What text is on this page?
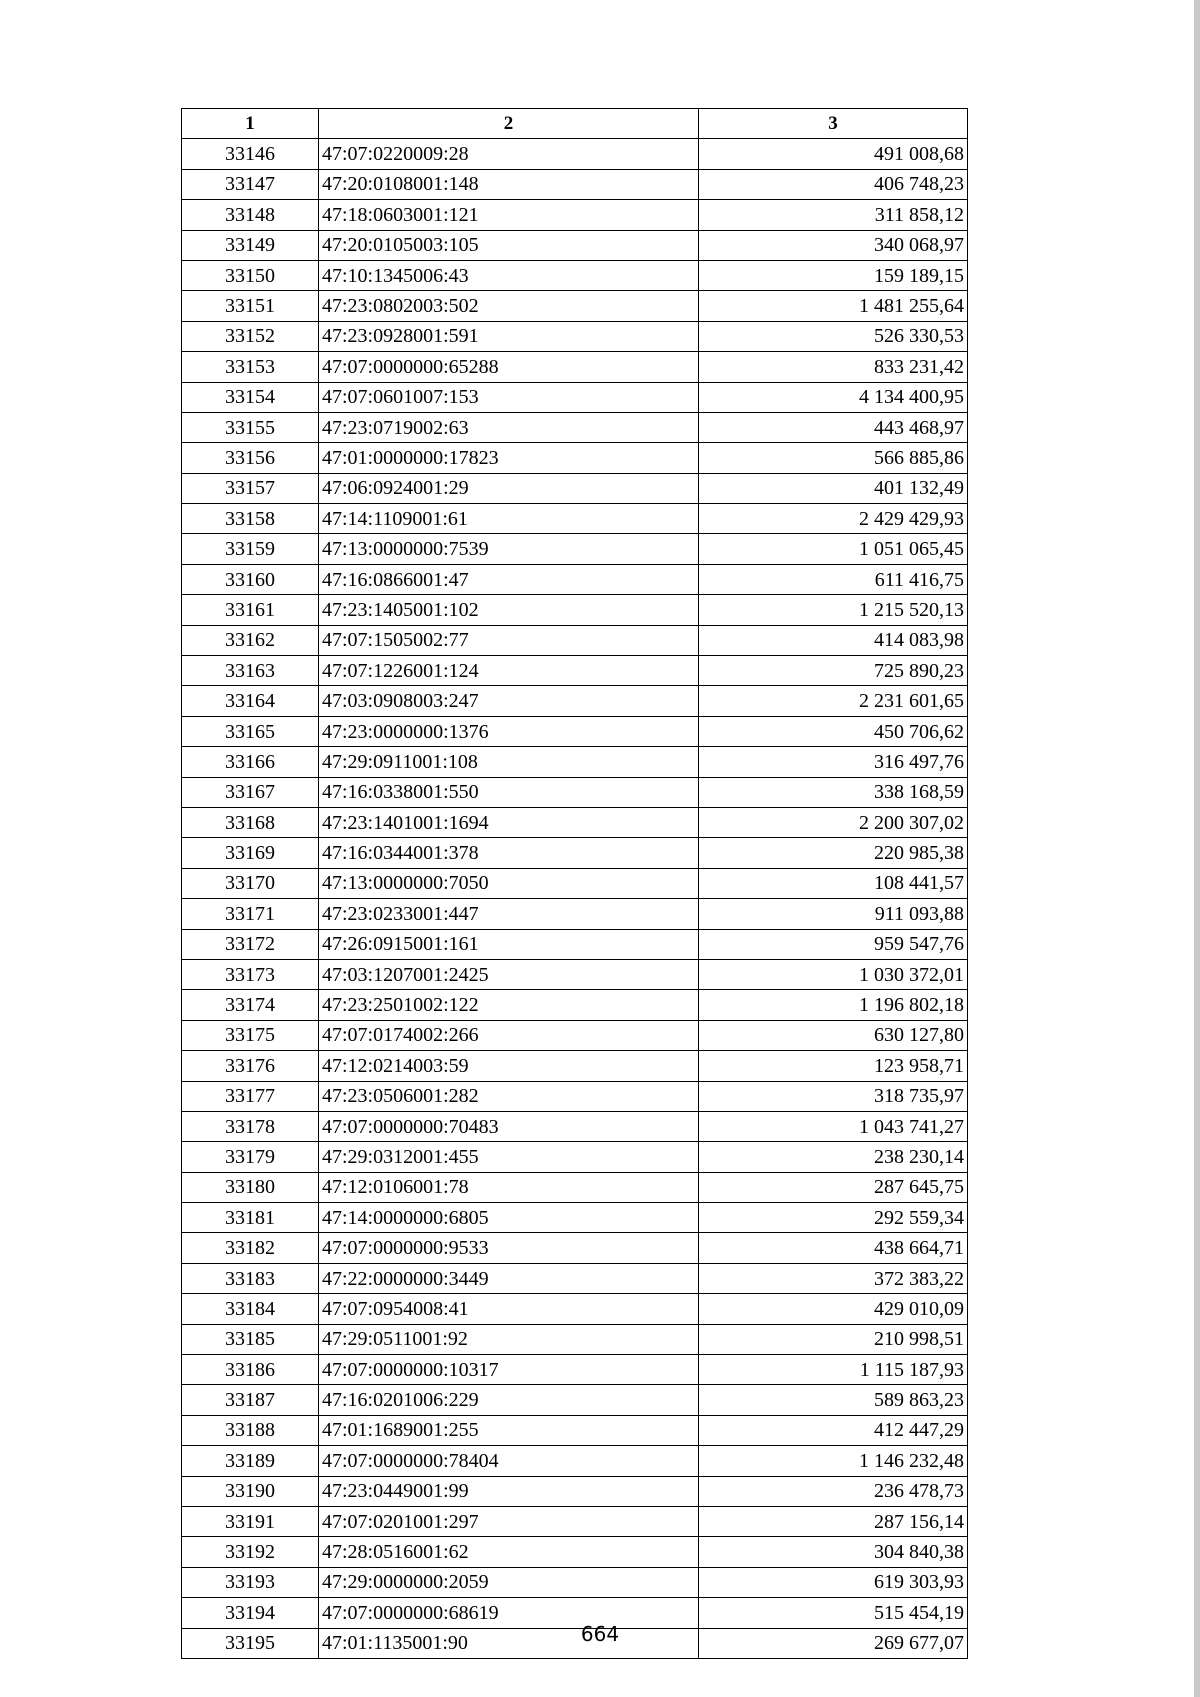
1	2	3
33146	47:07:0220009:28	491 008,68
33147	47:20:0108001:148	406 748,23
33148	47:18:0603001:121	311 858,12
33149	47:20:0105003:105	340 068,97
33150	47:10:1345006:43	159 189,15
33151	47:23:0802003:502	1 481 255,64
33152	47:23:0928001:591	526 330,53
33153	47:07:0000000:65288	833 231,42
33154	47:07:0601007:153	4 134 400,95
33155	47:23:0719002:63	443 468,97
33156	47:01:0000000:17823	566 885,86
33157	47:06:0924001:29	401 132,49
33158	47:14:1109001:61	2 429 429,93
33159	47:13:0000000:7539	1 051 065,45
33160	47:16:0866001:47	611 416,75
33161	47:23:1405001:102	1 215 520,13
33162	47:07:1505002:77	414 083,98
33163	47:07:1226001:124	725 890,23
33164	47:03:0908003:247	2 231 601,65
33165	47:23:0000000:1376	450 706,62
33166	47:29:0911001:108	316 497,76
33167	47:16:0338001:550	338 168,59
33168	47:23:1401001:1694	2 200 307,02
33169	47:16:0344001:378	220 985,38
33170	47:13:0000000:7050	108 441,57
33171	47:23:0233001:447	911 093,88
33172	47:26:0915001:161	959 547,76
33173	47:03:1207001:2425	1 030 372,01
33174	47:23:2501002:122	1 196 802,18
33175	47:07:0174002:266	630 127,80
33176	47:12:0214003:59	123 958,71
33177	47:23:0506001:282	318 735,97
33178	47:07:0000000:70483	1 043 741,27
33179	47:29:0312001:455	238 230,14
33180	47:12:0106001:78	287 645,75
33181	47:14:0000000:6805	292 559,34
33182	47:07:0000000:9533	438 664,71
33183	47:22:0000000:3449	372 383,22
33184	47:07:0954008:41	429 010,09
33185	47:29:0511001:92	210 998,51
33186	47:07:0000000:10317	1 115 187,93
33187	47:16:0201006:229	589 863,23
33188	47:01:1689001:255	412 447,29
33189	47:07:0000000:78404	1 146 232,48
33190	47:23:0449001:99	236 478,73
33191	47:07:0201001:297	287 156,14
33192	47:28:0516001:62	304 840,38
33193	47:29:0000000:2059	619 303,93
33194	47:07:0000000:68619	515 454,19
33195	47:01:1135001:90	269 677,07
664
